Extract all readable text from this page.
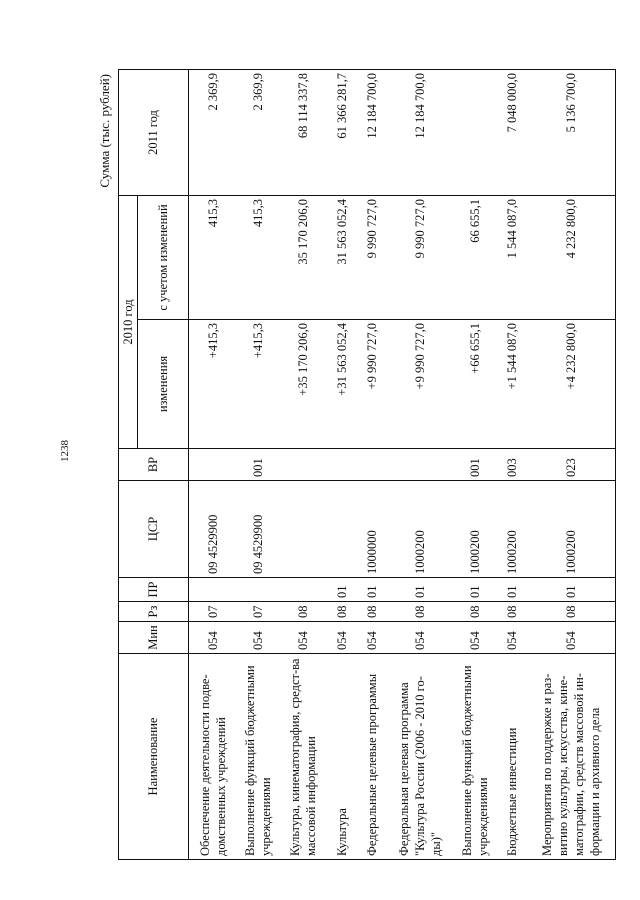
1238
Сумма (тыс. рублей)
Наименование	Мин	Рз	ПР	ЦСР	ВР	2010 год		2011 год
						изменения	с учетом изменений	
Обеспечение деятельности подве-домственных учреждений	054	07		09 4529900		+415,3	415,3	2 369,9
Выполнение функций бюджетными учреждениями	054	07		09 4529900	001	+415,3	415,3	2 369,9
Культура, кинематография, средст-ва массовой информации	054	08				+35 170 206,0	35 170 206,0	68 114 337,8
Культура	054	08	01			+31 563 052,4	31 563 052,4	61 366 281,7
Федеральные целевые программы	054	08	01	1000000		+9 990 727,0	9 990 727,0	12 184 700,0
Федеральная целевая программа "Культура России (2006 - 2010 го-ды)"	054	08	01	1000200		+9 990 727,0	9 990 727,0	12 184 700,0
Выполнение функций бюджетными учреждениями	054	08	01	1000200	001	+66 655,1	66 655,1	
Бюджетные инвестиции	054	08	01	1000200	003	+1 544 087,0	1 544 087,0	7 048 000,0
Мероприятия по поддержке и раз-витию культуры, искусства, кине-матографии, средств массовой ин-формации и архивного дела	054	08	01	1000200	023	+4 232 800,0	4 232 800,0	5 136 700,0
